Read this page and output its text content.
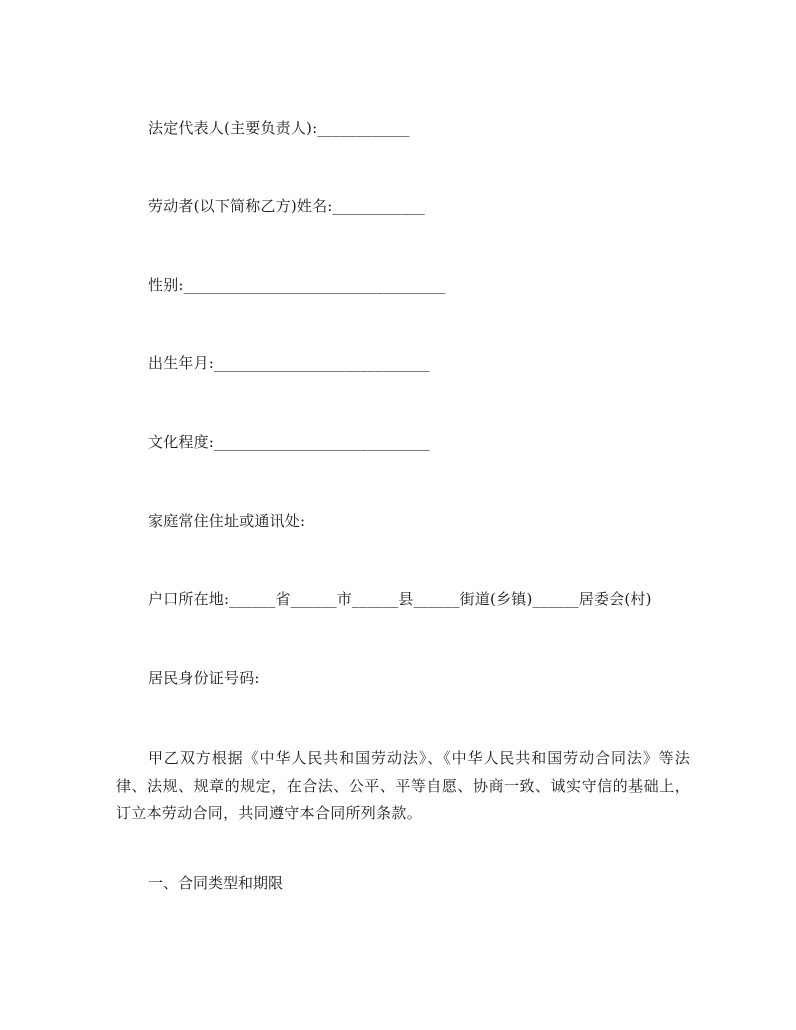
法定代表人(主要负责人):____________
劳动者(以下简称乙方)姓名:____________
性别:__________________________________
出生年月:____________________________
文化程度:____________________________
家庭常住住址或通讯处:
户口所在地:______省______市______县______街道(乡镇)______居委会(村)
居民身份证号码:

甲乙双方根据《中华人民共和国劳动法》、《中华人民共和国劳动合同法》等法律、法规、规章的规定，在合法、公平、平等自愿、协商一致、诚实守信的基础上，订立本劳动合同，共同遵守本合同所列条款。

一、合同类型和期限
